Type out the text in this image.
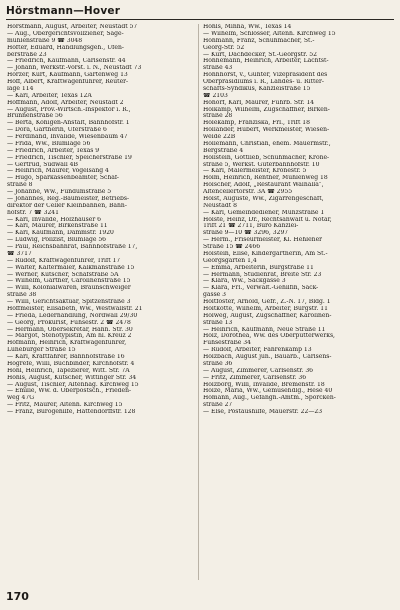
Hörstmann—Hover
Hörstmann, August, Arbeiter, Neustadt 57
— Aug., Obergerichtsvollzieher, Säge-
mühlenstraße 9 ☎ 3048
Höfter, Eduard, Handlungsgeh., Ufen-
berstraße 23
— Friedrich, Kaufmann, Carlsenstr. 44
— Johann, Werkstr.-Vorst. i. N., Neustadt 73
Hörzer, Kurt, Kaufmann, Gartenweg 13
Hoff, Albert, Kraftwagenführer, Reuter-
lage 114
— Karl, Arbeiter, Texas 12A
Hoffmann, Adolf, Arbeiter, Neustadt 2
— August, Prov.-Wirtsch.-Inspektor i. R.,
Brunnenstraße 56
— Berta, Königen-Anstalt, Bahnhofstr. 1
— Dora, Gärtnerin, Uferstraße 6
— Ferdinand, Invalide, Wiesenbaum 47
— Frida, Ww., Blumlage 56
— Friedrich, Arbeiter, Texas 9
— Friedrich, Tischler, Speicherstraße 19
— Gertrud, Südwall 4B
— Heinrich, Maurer, Vogelsang 4
— Hugo, Sparkassenbeamter, Schaf-
straße 8
— Johanne, Ww., Fundumstraße 5
— Johannes, Reg.-Baumeister, Betriebs-
direktor der Celler Kleinbahnen, Bahn-
hofstr. 7 ☎ 3241
— Karl, Invalide, Holzhäuser 6
— Karl, Maurer, Birkenstraße 11
— Karl, Kaufmann, Dammstr. 1920
— Ludwig, Polizist, Blumlage 56
— Paul, Reichsbahnrat, Bahnhofstraße 17,
☎ 3717
— Rudolf, Kraftwagenführer, Trift 17
— Walter, Kaltermaler, Kalkmanstraße 15
— Werner, Kutscher, Schafstraße 5A
— Wilhelm, Gärtner, Carolinenstraße 15
— Willi, Kolonialwaren, Braunschweiger
straße 38
— Willi, Gerichtsaktuar, Spitzenstraße 3
Hoffmeister, Elisabeth, Ww., Westwallstr. 21
— Frieda, Lederhandlung, Nordwall 29/30
— Georg, Prokurist, Fuhsestr. 2 ☎ 2478
— Hermann, Obersekretär, Hann. Str. 30
— Margot, Stenotypistin, Am hl. Kreuz 2
Hofmann, Heinrich, Kraftwagenführer,
Lüneburger Straße 15
— Karl, Kraftfahrer, Bahnhofstraße 16
Hogrefe, Willi, Buchbinder, Kirchhofstr. 4
Hohl, Heinrich, Tapezierer, Witt. Str. 7A
Hohls, August, Kutscher, Wittinger Str. 34
— August, Tischler, Altenhäg. Kirchweg 15
— Emilie, Ww. d. Oberpostsch., Frieden-
weg 47G
— Fritz, Maurer, Altenh. Kirchweg 15
— Franz, Bürogehilfe, Hattendorffstr. 128
Hohls, Minna, Ww., Texas 14
— Wilhelm, Schlosser, Altenh. Kirchweg 15
Hohmann, Franz, Schuhmacher, St.-
Georg-Str. 52
— Kurt, Dachdecker, St.-Georgstr. 52
Hohnemann, Heinrich, Arbeiter, Lachtst-
straße 43
Hohnhorst, v., Günter, Vizepräsident des
Oberpräsidiums i. R., Landes- u. Ritter-
schafts-Syndikus, Kanzleistraße 15
☎ 2103
Hohorf, Karl, Maurer, Fuhrb. Str. 14
Holkamp, Wilhelm, Zugschaffner, Birken-
straße 28
Holekamp, Franziska, Frl., Trift 18
Holländer, Hubert, Werkmeister, Wiesen-
weide 22B
Hollemann, Christian, ehem. Mauermstr.,
Bergstraße 4
Hollstein, Gottlieb, Schuhmacher, Krone-
straße 5, Werkst. Güterbahnhofstr. 10
— Karl, Malermeister, Kronestr. 5
Holm, Heinrich, Rentner, Mühlenweg 18
Holscher, Adolf, „Restaurant Walhalla",
Altencellertorstr. 3A ☎ 2955
Holst, Auguste, Ww., Zigarrengeschäft,
Neustadt 8
— Karl, Gemeindediener, Münzstraße 1
Holste, Heinz, Dr., Rechtsanwalt u. Notar,
Trift 21 ☎ 2711, Büro Kanzlei-
straße 9—10 ☎ 3296, 3297
— Herm., Friseurmeister, Kl. Hehlener
Straße 15 ☎ 2466
Holstein, Elise, Kindergärtnerin, Am St.-
Georgsgarten 1,4
— Emma, Arbeiterin, Burgstraße 11
— Hermann, Studienrat, Breite Str. 23
— Klara, Ww., Sackgasse 3
— Klara, Frl., Verwalt.-Gehilfin, Sack-
gasse 3
Holtfoster, Arnold, Gefr., Z.-N. 17, Bldg. 1
Holtkötte, Wilhelm, Arbeiter, Burgstr. 11
Holweg, August, Zugschaffner, Karolinen-
straße 13
— Heinrich, Kaufmann, Neue Straße 11
Holz, Dorothea, Ww. des Oberpütterwerks,
Fuhsestraße 34
— Rudolf, Arbeiter, Fahrenkamp 13
Holzbach, August jun., Bauarb., Carlsens-
straße 36
— August, Zimmerer, Carlsenstr. 36
— Fritz, Zimmerer, Carlsenstr. 36
Holzborg, Willi, Invalide, Bremenstr. 18
Holze, Maria, Ww., Gemüsehdlg., Hese 40
Homann, Aug., Gefängn.-Amtm., Spörcken-
straße 27
— Else, Postaushilfe, Mauerstr. 22—23
170
